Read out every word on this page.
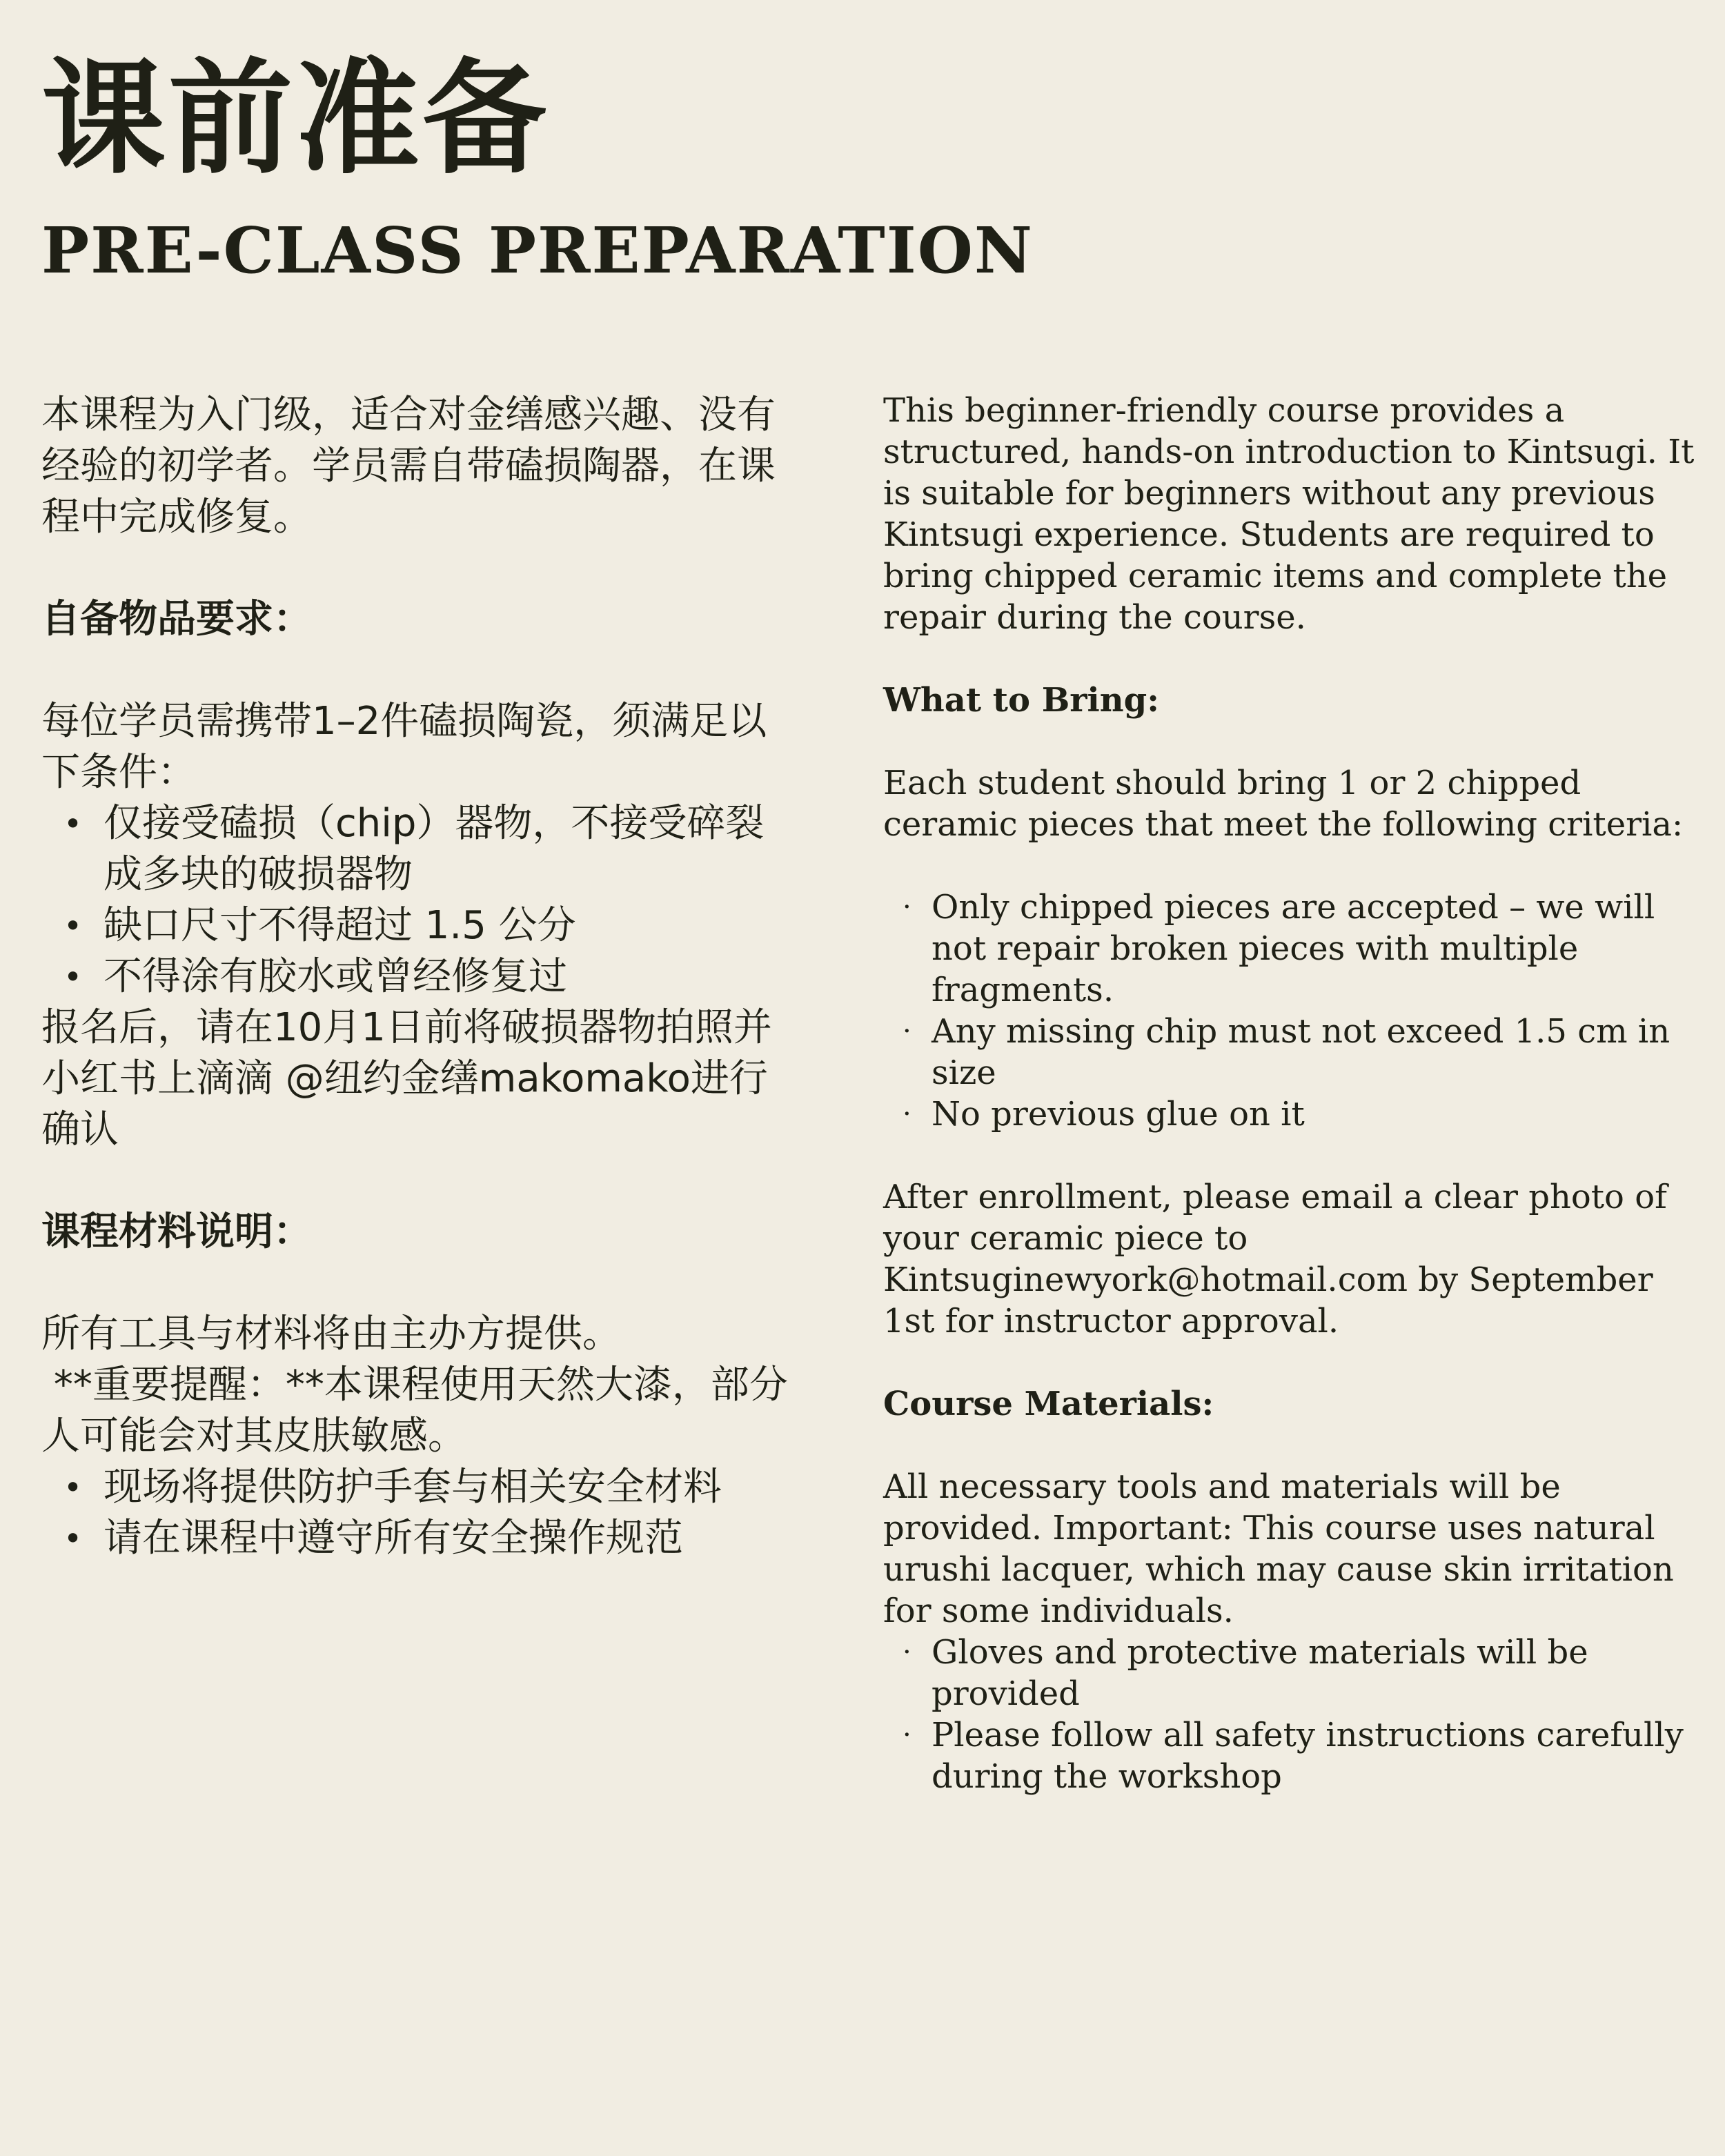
课前准备
PRE-CLASS PREPARATION

本课程为入门级，适合对金缮感兴趣、没有经验的初学者。学员需自带磕损陶器，在课程中完成修复。

自备物品要求：

每位学员需携带1–2件磕损陶瓷，须满足以下条件：

• 仅接受磕损（chip）器物，不接受碎裂成多块的破损器物
• 缺口尺寸不得超过 1.5 公分
• 不得涂有胶水或曾经修复过

报名后，请在10月1日前将破损器物拍照并小红书上滴滴 @纽约金缮makomako进行确认

课程材料说明：

所有工具与材料将由主办方提供。

**重要提醒：**本课程使用天然大漆，部分人可能会对其皮肤敏感。

• 现场将提供防护手套与相关安全材料
• 请在课程中遵守所有安全操作规范

This beginner-friendly course provides a structured, hands-on introduction to Kintsugi. It is suitable for beginners without any previous Kintsugi experience. Students are required to bring chipped ceramic items and complete the repair during the course.

What to Bring:

Each student should bring 1 or 2 chipped ceramic pieces that meet the following criteria:

· Only chipped pieces are accepted – we will not repair broken pieces with multiple fragments.
· Any missing chip must not exceed 1.5 cm in size
· No previous glue on it

After enrollment, please email a clear photo of your ceramic piece to Kintsuginewyork@hotmail.com by September 1st for instructor approval.

Course Materials:

All necessary tools and materials will be provided. Important: This course uses natural urushi lacquer, which may cause skin irritation for some individuals.

· Gloves and protective materials will be provided
· Please follow all safety instructions carefully during the workshop
